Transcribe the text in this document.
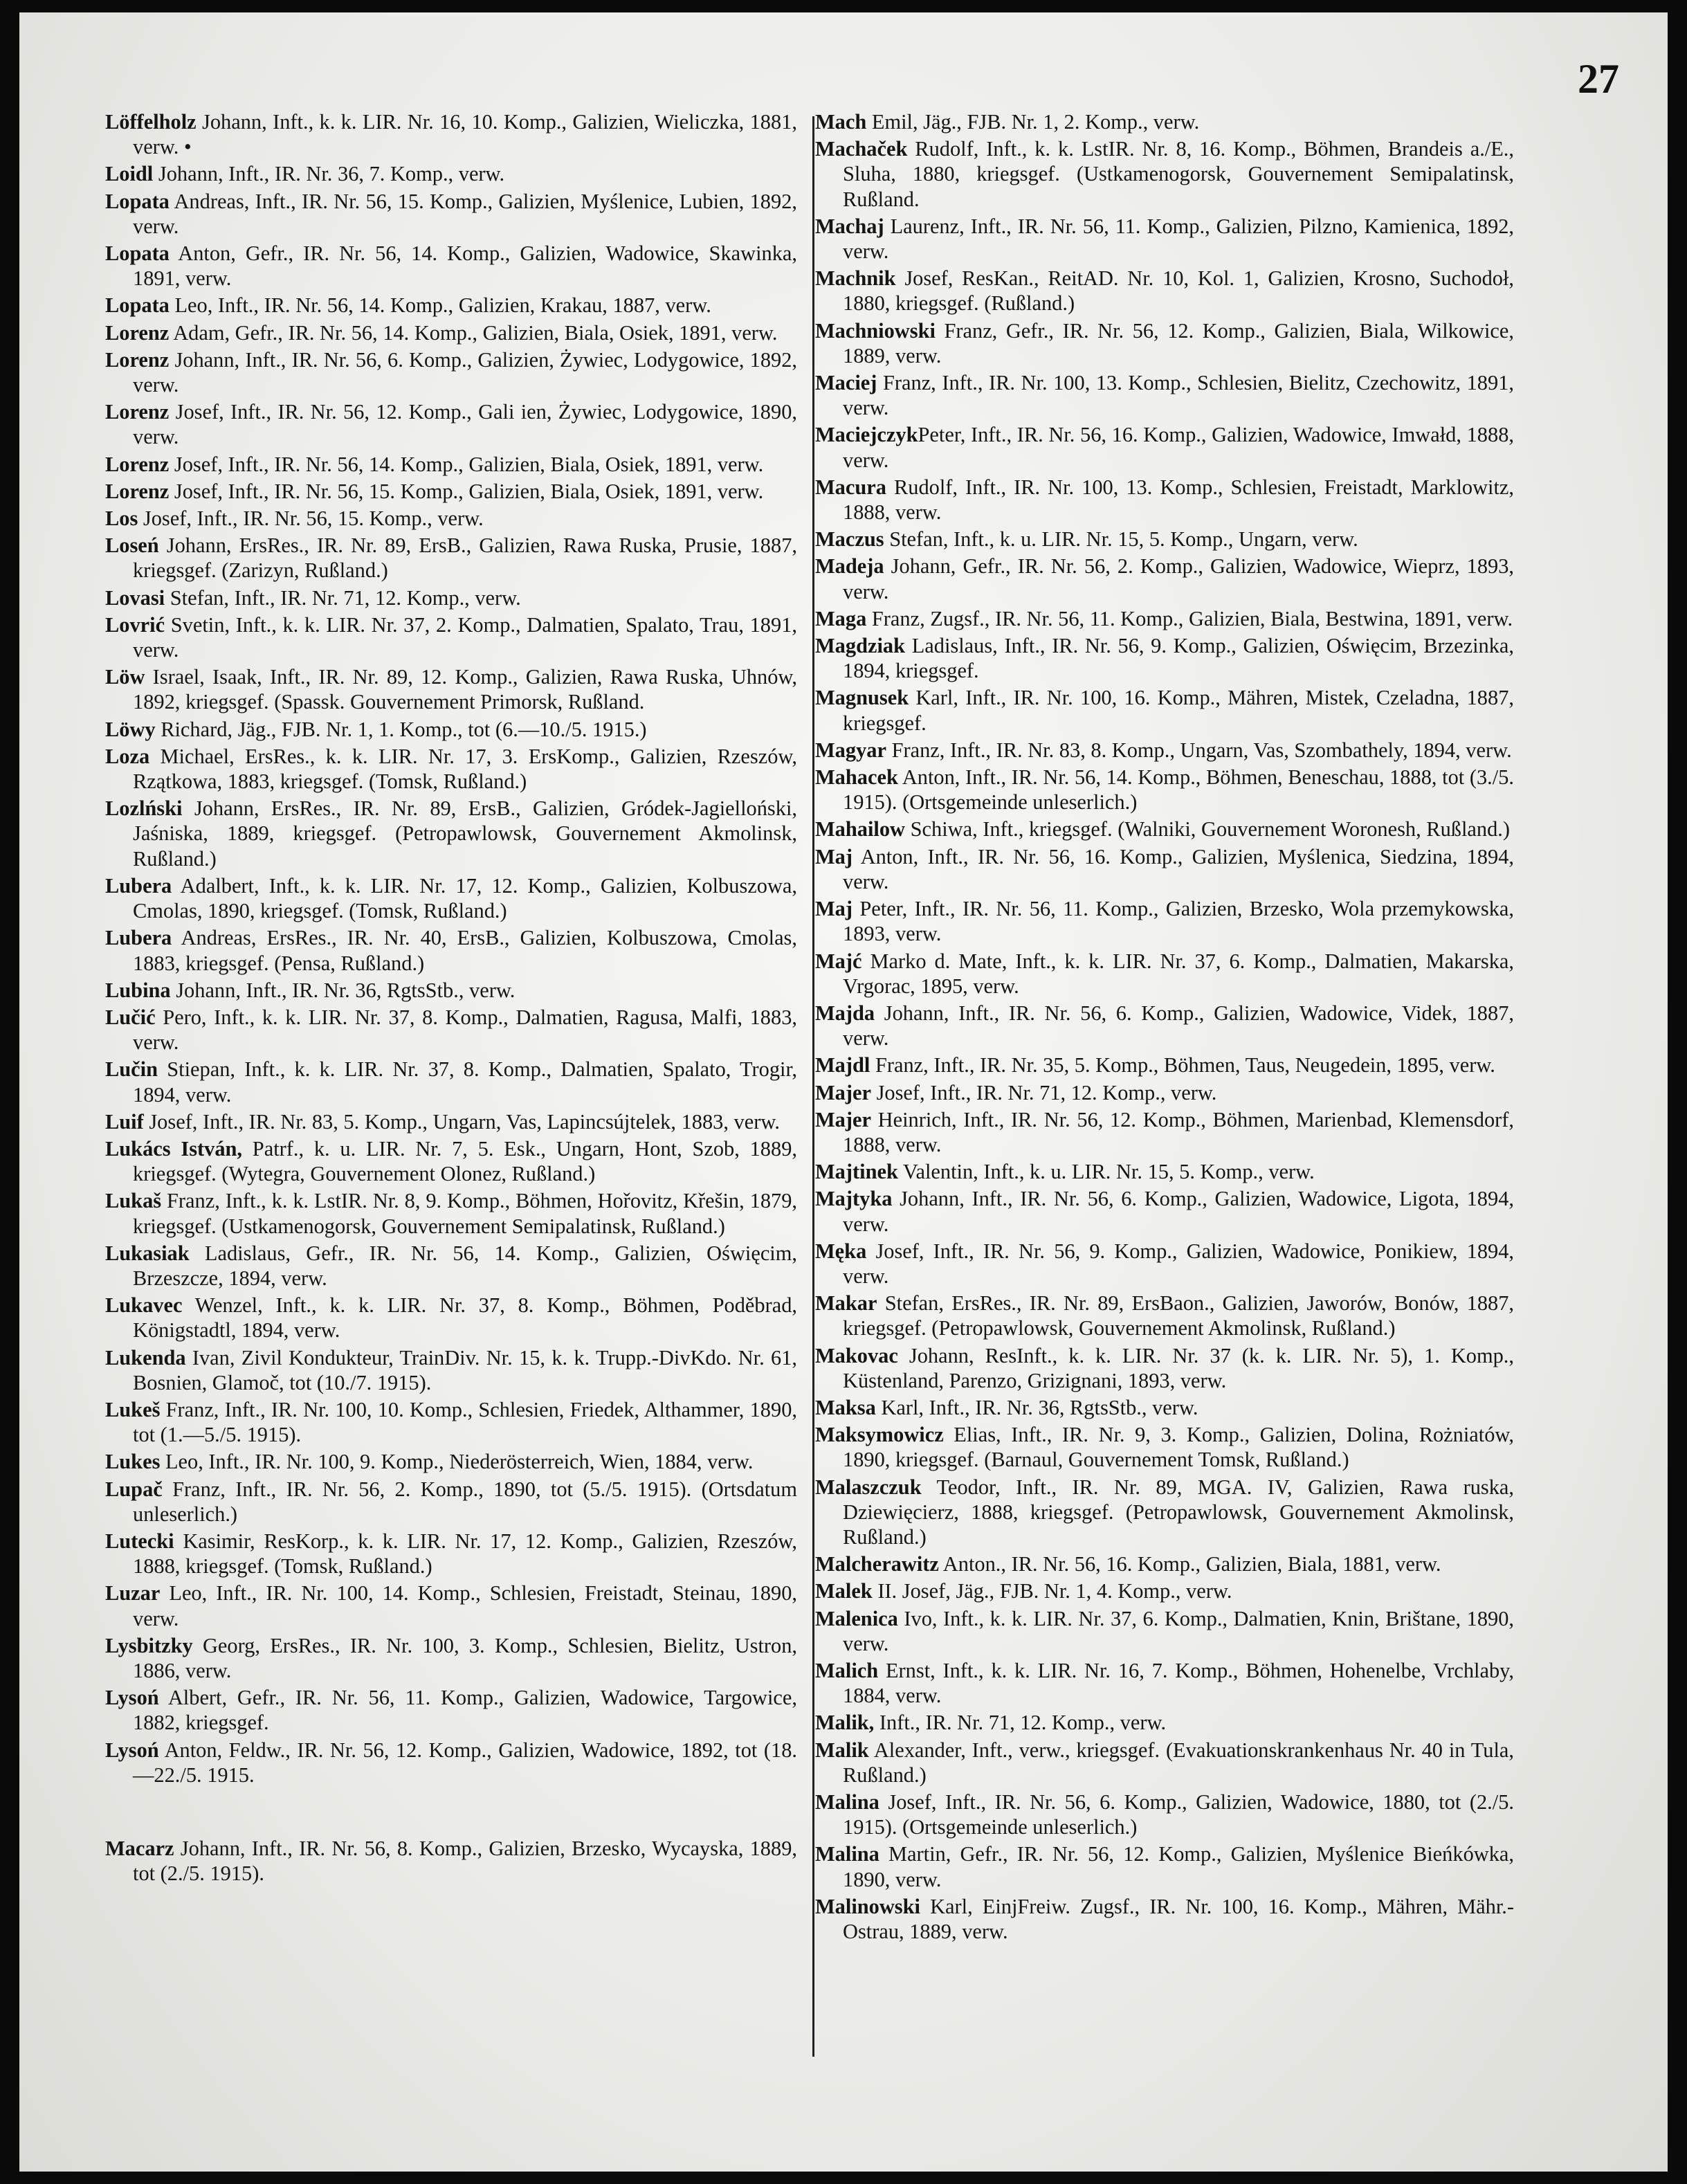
27

Löffelholz Johann, Inft., k. k. LIR. Nr. 16, 10. Komp., Galizien, Wieliczka, 1881, verw. •

Loidl Johann, Inft., IR. Nr. 36, 7. Komp., verw.

Lopata Andreas, Inft., IR. Nr. 56, 15. Komp., Galizien, Myślenice, Lubien, 1892, verw.

Lopata Anton, Gefr., IR. Nr. 56, 14. Komp., Galizien, Wadowice, Skawinka, 1891, verw.

Lopata Leo, Inft., IR. Nr. 56, 14. Komp., Galizien, Krakau, 1887, verw.

Lorenz Adam, Gefr., IR. Nr. 56, 14. Komp., Galizien, Biala, Osiek, 1891, verw.

Lorenz Johann, Inft., IR. Nr. 56, 6. Komp., Galizien, Żywiec, Lodygowice, 1892, verw.

Lorenz Josef, Inft., IR. Nr. 56, 12. Komp., Gali ien, Żywiec, Lodygowice, 1890, verw.

Lorenz Josef, Inft., IR. Nr. 56, 14. Komp., Galizien, Biala, Osiek, 1891, verw.

Lorenz Josef, Inft., IR. Nr. 56, 15. Komp., Galizien, Biala, Osiek, 1891, verw.

Los Josef, Inft., IR. Nr. 56, 15. Komp., verw.

Loseń Johann, ErsRes., IR. Nr. 89, ErsB., Galizien, Rawa Ruska, Prusie, 1887, kriegsgef. (Zarizyn, Rußland.)

Lovasi Stefan, Inft., IR. Nr. 71, 12. Komp., verw.

Lovrić Svetin, Inft., k. k. LIR. Nr. 37, 2. Komp., Dalmatien, Spalato, Trau, 1891, verw.

Löw Israel, Isaak, Inft., IR. Nr. 89, 12. Komp., Galizien, Rawa Ruska, Uhnów, 1892, kriegsgef. (Spassk. Gouvernement Primorsk, Rußland.

Löwy Richard, Jäg., FJB. Nr. 1, 1. Komp., tot (6.—10./5. 1915.)

Loza Michael, ErsRes., k. k. LIR. Nr. 17, 3. ErsKomp., Galizien, Rzeszów, Rzątkowa, 1883, kriegsgef. (Tomsk, Rußland.)

Lozlński Johann, ErsRes., IR. Nr. 89, ErsB., Galizien, Gródek-Jagielloński, Jaśniska, 1889, kriegsgef. (Petropawlowsk, Gouvernement Akmolinsk, Rußland.)

Lubera Adalbert, Inft., k. k. LIR. Nr. 17, 12. Komp., Galizien, Kolbuszowa, Cmolas, 1890, kriegsgef. (Tomsk, Rußland.)

Lubera Andreas, ErsRes., IR. Nr. 40, ErsB., Galizien, Kolbuszowa, Cmolas, 1883, kriegsgef. (Pensa, Rußland.)

Lubina Johann, Inft., IR. Nr. 36, RgtsStb., verw.

Lučić Pero, Inft., k. k. LIR. Nr. 37, 8. Komp., Dalmatien, Ragusa, Malfi, 1883, verw.

Lučin Stiepan, Inft., k. k. LIR. Nr. 37, 8. Komp., Dalmatien, Spalato, Trogir, 1894, verw.

Luif Josef, Inft., IR. Nr. 83, 5. Komp., Ungarn, Vas, Lapincsújtelek, 1883, verw.

Lukács István, Patrf., k. u. LIR. Nr. 7, 5. Esk., Ungarn, Hont, Szob, 1889, kriegsgef. (Wytegra, Gouvernement Olonez, Rußland.)

Lukaš Franz, Inft., k. k. LstIR. Nr. 8, 9. Komp., Böhmen, Hořovitz, Křešin, 1879, kriegsgef. (Ustkamenogorsk, Gouvernement Semipalatinsk, Rußland.)

Lukasiak Ladislaus, Gefr., IR. Nr. 56, 14. Komp., Galizien, Oświęcim, Brzeszcze, 1894, verw.

Lukavec Wenzel, Inft., k. k. LIR. Nr. 37, 8. Komp., Böhmen, Poděbrad, Königstadtl, 1894, verw.

Lukenda Ivan, Zivil Kondukteur, TrainDiv. Nr. 15, k. k. Trupp.-DivKdo. Nr. 61, Bosnien, Glamoč, tot (10./7. 1915).

Lukeš Franz, Inft., IR. Nr. 100, 10. Komp., Schlesien, Friedek, Althammer, 1890, tot (1.—5./5. 1915).

Lukes Leo, Inft., IR. Nr. 100, 9. Komp., Niederösterreich, Wien, 1884, verw.

Lupač Franz, Inft., IR. Nr. 56, 2. Komp., 1890, tot (5./5. 1915). (Ortsdatum unleserlich.)

Lutecki Kasimir, ResKorp., k. k. LIR. Nr. 17, 12. Komp., Galizien, Rzeszów, 1888, kriegsgef. (Tomsk, Rußland.)

Luzar Leo, Inft., IR. Nr. 100, 14. Komp., Schlesien, Freistadt, Steinau, 1890, verw.

Lysbitzky Georg, ErsRes., IR. Nr. 100, 3. Komp., Schlesien, Bielitz, Ustron, 1886, verw.

Lysoń Albert, Gefr., IR. Nr. 56, 11. Komp., Galizien, Wadowice, Targowice, 1882, kriegsgef.

Lysoń Anton, Feldw., IR. Nr. 56, 12. Komp., Galizien, Wadowice, 1892, tot (18.—22./5. 1915.

Macarz Johann, Inft., IR. Nr. 56, 8. Komp., Galizien, Brzesko, Wycayska, 1889, tot (2./5. 1915).

Mach Emil, Jäg., FJB. Nr. 1, 2. Komp., verw.

Machaček Rudolf, Inft., k. k. LstIR. Nr. 8, 16. Komp., Böhmen, Brandeis a./E., Sluha, 1880, kriegsgef. (Ustkamenogorsk, Gouvernement Semipalatinsk, Rußland.

Machaj Laurenz, Inft., IR. Nr. 56, 11. Komp., Galizien, Pilzno, Kamienica, 1892, verw.

Machnik Josef, ResKan., ReitAD. Nr. 10, Kol. 1, Galizien, Krosno, Suchodoł, 1880, kriegsgef. (Rußland.)

Machniowski Franz, Gefr., IR. Nr. 56, 12. Komp., Galizien, Biala, Wilkowice, 1889, verw.

Maciej Franz, Inft., IR. Nr. 100, 13. Komp., Schlesien, Bielitz, Czechowitz, 1891, verw.

MaciejczykPeter, Inft., IR. Nr. 56, 16. Komp., Galizien, Wadowice, Imwałd, 1888, verw.

Macura Rudolf, Inft., IR. Nr. 100, 13. Komp., Schlesien, Freistadt, Marklowitz, 1888, verw.

Maczus Stefan, Inft., k. u. LIR. Nr. 15, 5. Komp., Ungarn, verw.

Madeja Johann, Gefr., IR. Nr. 56, 2. Komp., Galizien, Wadowice, Wieprz, 1893, verw.

Maga Franz, Zugsf., IR. Nr. 56, 11. Komp., Galizien, Biala, Bestwina, 1891, verw.

Magdziak Ladislaus, Inft., IR. Nr. 56, 9. Komp., Galizien, Oświęcim, Brzezinka, 1894, kriegsgef.

Magnusek Karl, Inft., IR. Nr. 100, 16. Komp., Mähren, Mistek, Czeladna, 1887, kriegsgef.

Magyar Franz, Inft., IR. Nr. 83, 8. Komp., Ungarn, Vas, Szombathely, 1894, verw.

Mahacek Anton, Inft., IR. Nr. 56, 14. Komp., Böhmen, Beneschau, 1888, tot (3./5. 1915). (Ortsgemeinde unleserlich.)

Mahailow Schiwa, Inft., kriegsgef. (Walniki, Gouvernement Woronesh, Rußland.)

Maj Anton, Inft., IR. Nr. 56, 16. Komp., Galizien, Myślenica, Siedzina, 1894, verw.

Maj Peter, Inft., IR. Nr. 56, 11. Komp., Galizien, Brzesko, Wola przemykowska, 1893, verw.

Majć Marko d. Mate, Inft., k. k. LIR. Nr. 37, 6. Komp., Dalmatien, Makarska, Vrgorac, 1895, verw.

Majda Johann, Inft., IR. Nr. 56, 6. Komp., Galizien, Wadowice, Videk, 1887, verw.

Majdl Franz, Inft., IR. Nr. 35, 5. Komp., Böhmen, Taus, Neugedein, 1895, verw.

Majer Josef, Inft., IR. Nr. 71, 12. Komp., verw.

Majer Heinrich, Inft., IR. Nr. 56, 12. Komp., Böhmen, Marienbad, Klemensdorf, 1888, verw.

Majtinek Valentin, Inft., k. u. LIR. Nr. 15, 5. Komp., verw.

Majtyka Johann, Inft., IR. Nr. 56, 6. Komp., Galizien, Wadowice, Ligota, 1894, verw.

Męka Josef, Inft., IR. Nr. 56, 9. Komp., Galizien, Wadowice, Ponikiew, 1894, verw.

Makar Stefan, ErsRes., IR. Nr. 89, ErsBaon., Galizien, Jaworów, Bonów, 1887, kriegsgef. (Petropawlowsk, Gouvernement Akmolinsk, Rußland.)

Makovac Johann, ResInft., k. k. LIR. Nr. 37 (k. k. LIR. Nr. 5), 1. Komp., Küstenland, Parenzo, Grizignani, 1893, verw.

Maksa Karl, Inft., IR. Nr. 36, RgtsStb., verw.

Maksymowicz Elias, Inft., IR. Nr. 9, 3. Komp., Galizien, Dolina, Rożniatów, 1890, kriegsgef. (Barnaul, Gouvernement Tomsk, Rußland.)

Malaszczuk Teodor, Inft., IR. Nr. 89, MGA. IV, Galizien, Rawa ruska, Dziewięcierz, 1888, kriegsgef. (Petropawlowsk, Gouvernement Akmolinsk, Rußland.)

Malcherawitz Anton., IR. Nr. 56, 16. Komp., Galizien, Biala, 1881, verw.

Malek II. Josef, Jäg., FJB. Nr. 1, 4. Komp., verw.

Malenica Ivo, Inft., k. k. LIR. Nr. 37, 6. Komp., Dalmatien, Knin, Brištane, 1890, verw.

Malich Ernst, Inft., k. k. LIR. Nr. 16, 7. Komp., Böhmen, Hohenelbe, Vrchlaby, 1884, verw.

Malik, Inft., IR. Nr. 71, 12. Komp., verw.

Malik Alexander, Inft., verw., kriegsgef. (Evakuationskrankenhaus Nr. 40 in Tula, Rußland.)

Malina Josef, Inft., IR. Nr. 56, 6. Komp., Galizien, Wadowice, 1880, tot (2./5. 1915). (Ortsgemeinde unleserlich.)

Malina Martin, Gefr., IR. Nr. 56, 12. Komp., Galizien, Myślenice Bieńkówka, 1890, verw.

Malinowski Karl, EinjFreiw. Zugsf., IR. Nr. 100, 16. Komp., Mähren, Mähr.-Ostrau, 1889, verw.
